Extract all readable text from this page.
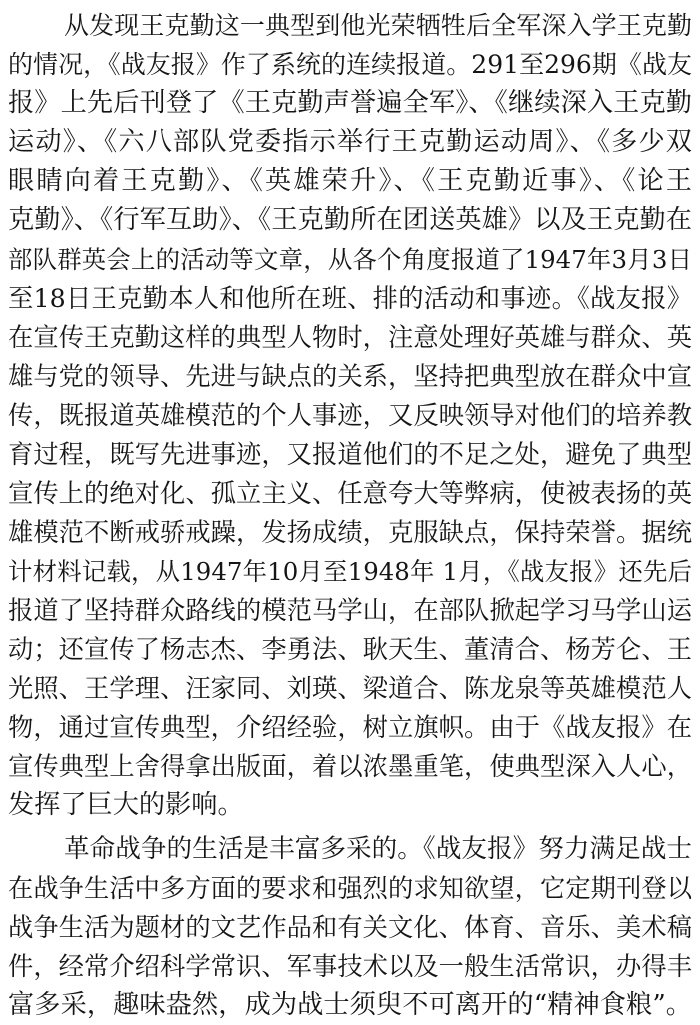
从发现王克勤这一典型到他光荣牺牲后全军深入学王克勤
的情况，《战友报》作了系统的连续报道。291至296期《战友
报》上先后刊登了《王克勤声誉遍全军》、《继续深入王克勤
运动》、《六八部队党委指示举行王克勤运动周》、《多少双
眼睛向着王克勤》、《英雄荣升》、《王克勤近事》、《论王
克勤》、《行军互助》、《王克勤所在团送英雄》以及王克勤在
部队群英会上的活动等文章，从各个角度报道了1947年3月3日
至18日王克勤本人和他所在班、排的活动和事迹。《战友报》
在宣传王克勤这样的典型人物时，注意处理好英雄与群众、英
雄与党的领导、先进与缺点的关系，坚持把典型放在群众中宣
传，既报道英雄模范的个人事迹，又反映领导对他们的培养教
育过程，既写先进事迹，又报道他们的不足之处，避免了典型
宣传上的绝对化、孤立主义、任意夸大等弊病，使被表扬的英
雄模范不断戒骄戒躁，发扬成绩，克服缺点，保持荣誉。据统
计材料记载，从1947年10月至1948年 1月，《战友报》还先后
报道了坚持群众路线的模范马学山，在部队掀起学习马学山运
动；还宣传了杨志杰、李勇法、耿天生、董清合、杨芳仑、王
光照、王学理、汪家同、刘瑛、梁道合、陈龙泉等英雄模范人
物，通过宣传典型，介绍经验，树立旗帜。由于《战友报》在
宣传典型上舍得拿出版面，着以浓墨重笔，使典型深入人心，
发挥了巨大的影响。
革命战争的生活是丰富多采的。《战友报》努力满足战士
在战争生活中多方面的要求和强烈的求知欲望，它定期刊登以
战争生活为题材的文艺作品和有关文化、体育、音乐、美术稿
件，经常介绍科学常识、军事技术以及一般生活常识，办得丰
富多采，趣味盎然，成为战士须臾不可离开的“精神食粮”。
